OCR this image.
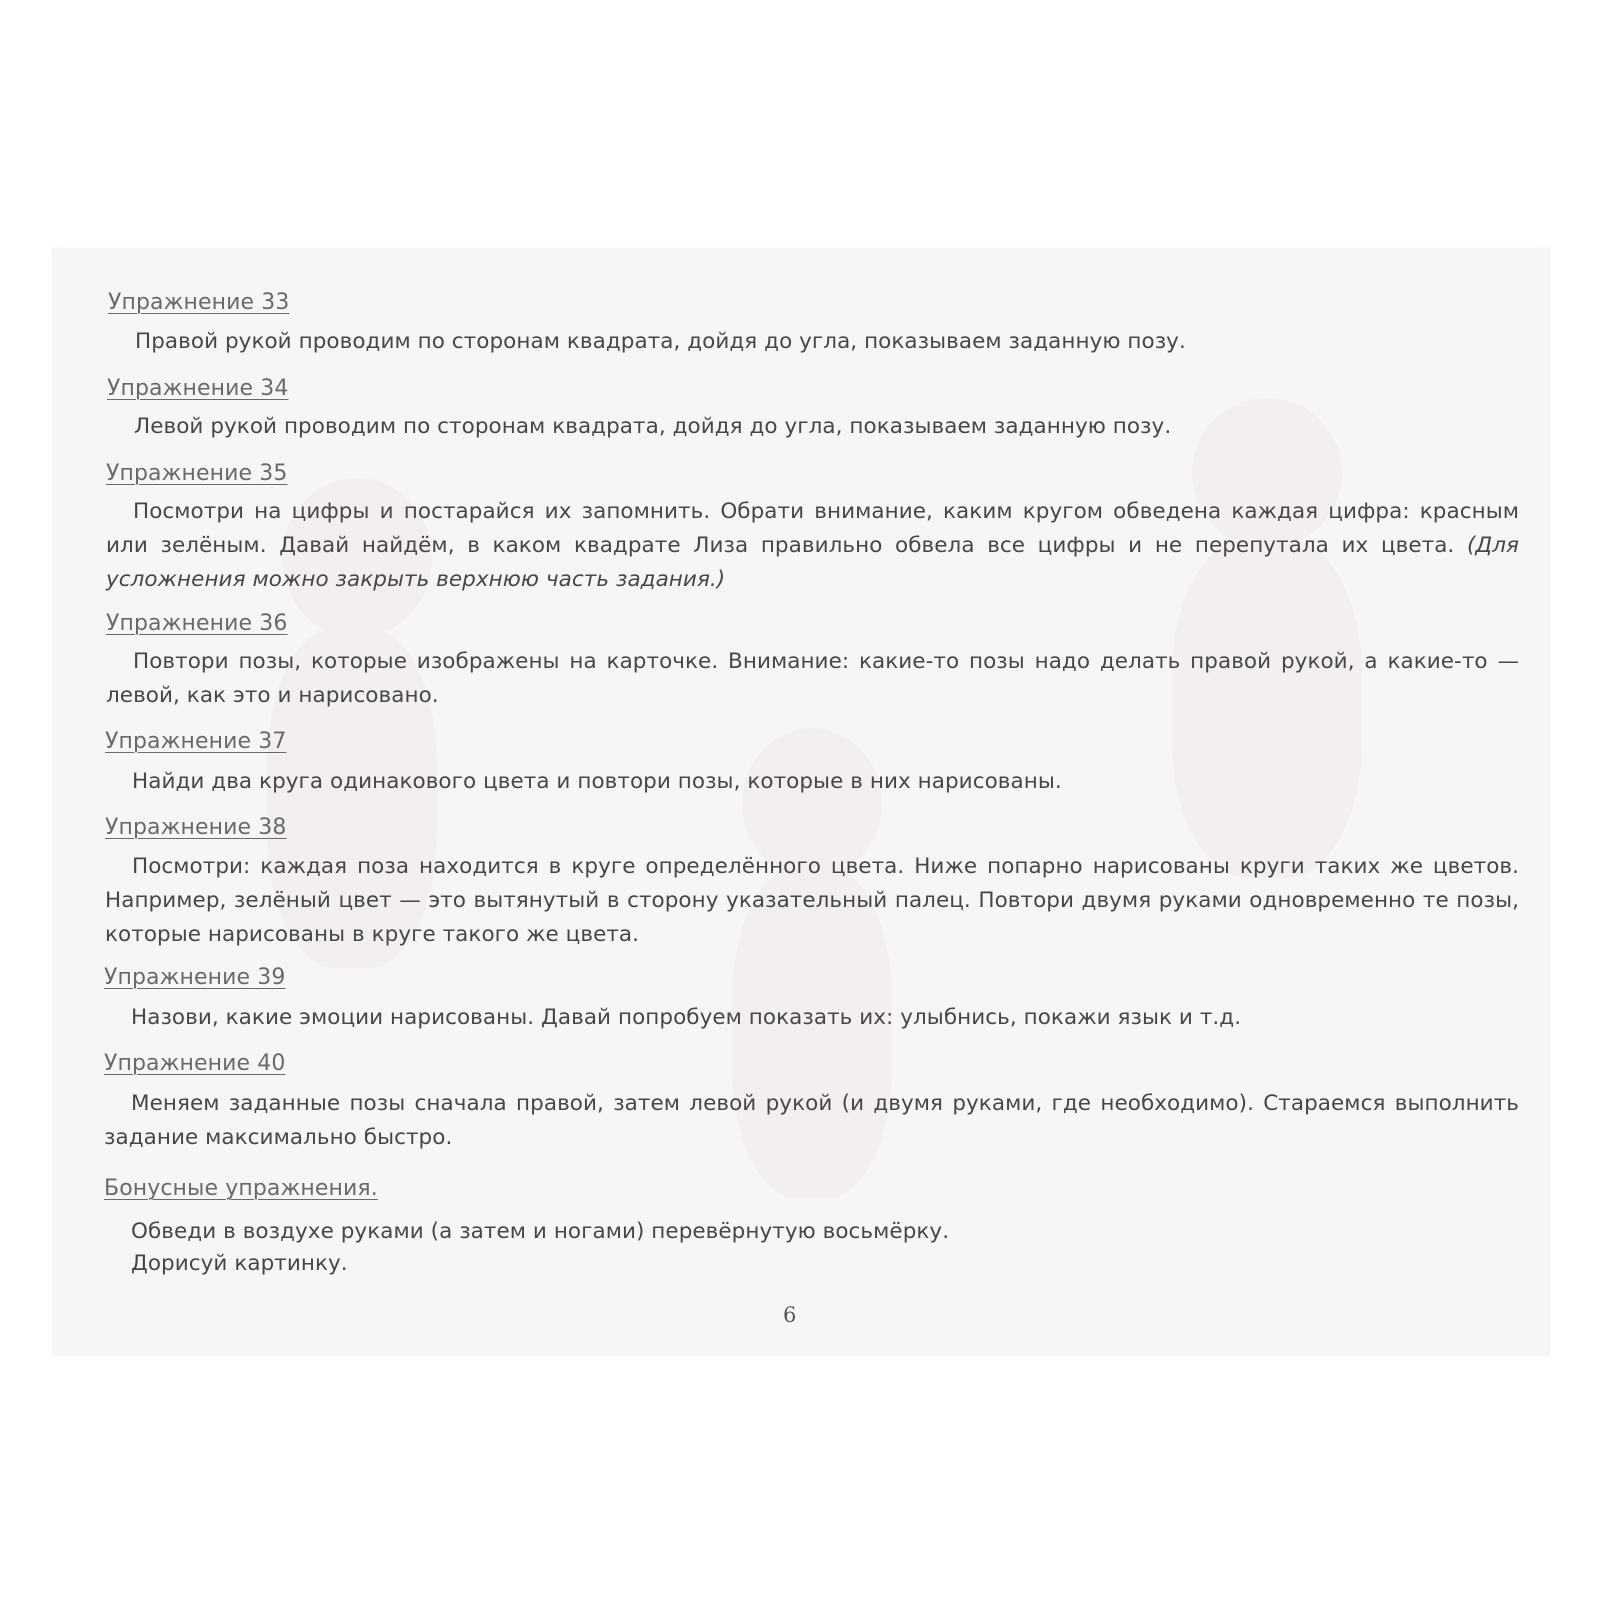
Упражнение 33
Правой рукой проводим по сторонам квадрата, дойдя до угла, показываем заданную позу.
Упражнение 34
Левой рукой проводим по сторонам квадрата, дойдя до угла, показываем заданную позу.
Упражнение 35
Посмотри на цифры и постарайся их запомнить. Обрати внимание, каким кругом обведена каждая цифра: красным или зелёным. Давай найдём, в каком квадрате Лиза правильно обвела все цифры и не перепутала их цвета. (Для усложнения можно закрыть верхнюю часть задания.)
Упражнение 36
Повтори позы, которые изображены на карточке. Внимание: какие-то позы надо делать правой рукой, а какие-то — левой, как это и нарисовано.
Упражнение 37
Найди два круга одинакового цвета и повтори позы, которые в них нарисованы.
Упражнение 38
Посмотри: каждая поза находится в круге определённого цвета. Ниже попарно нарисованы круги таких же цветов. Например, зелёный цвет — это вытянутый в сторону указательный палец. Повтори двумя руками одновременно те позы, которые нарисованы в круге такого же цвета.
Упражнение 39
Назови, какие эмоции нарисованы. Давай попробуем показать их: улыбнись, покажи язык и т.д.
Упражнение 40
Меняем заданные позы сначала правой, затем левой рукой (и двумя руками, где необходимо). Стараемся выполнить задание максимально быстро.
Бонусные упражнения.
Обведи в воздухе руками (а затем и ногами) перевёрнутую восьмёрку.
Дорисуй картинку.
6
